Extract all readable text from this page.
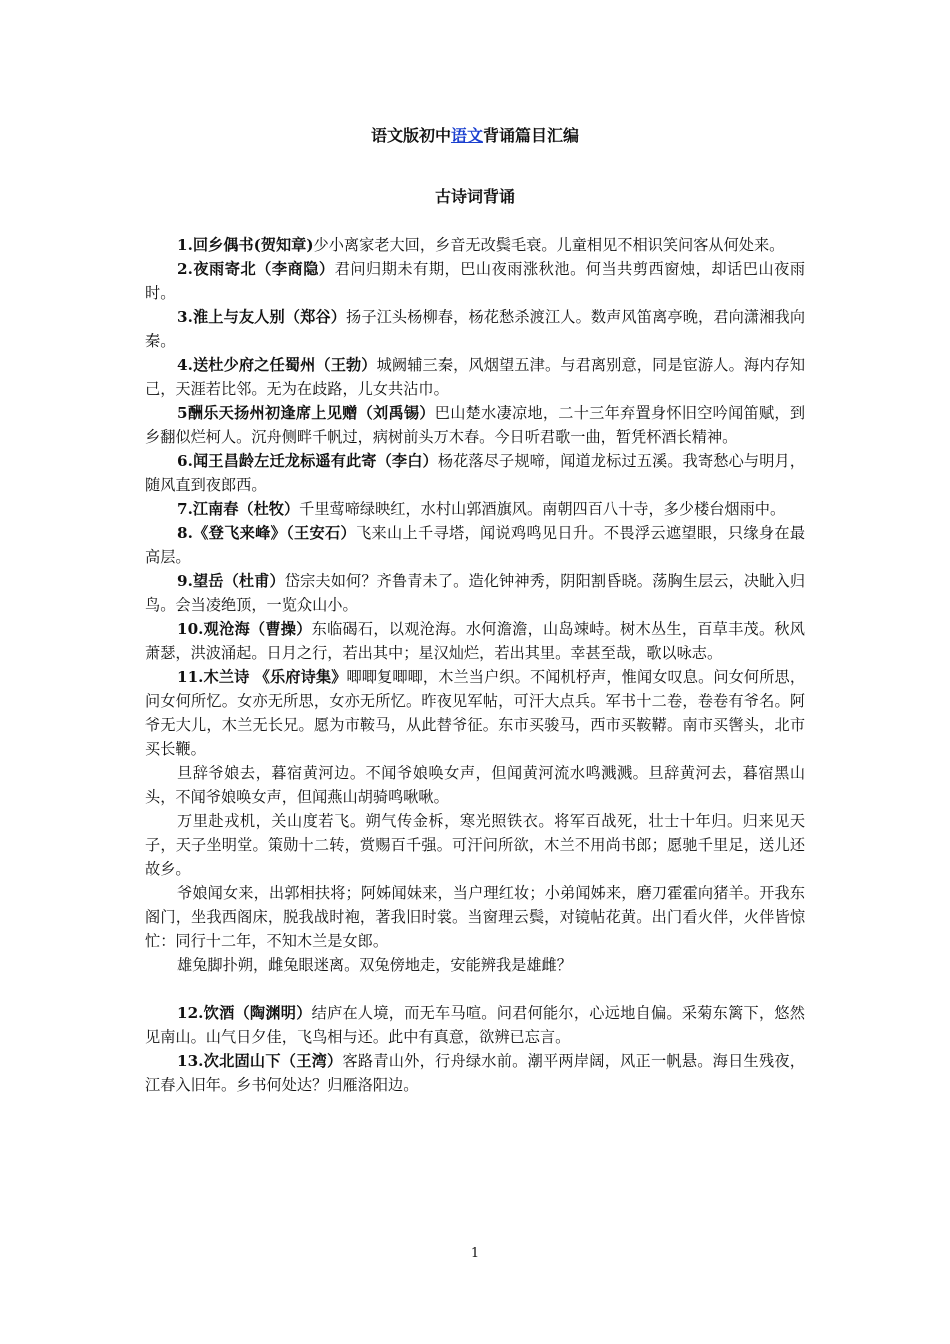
语文版初中语文背诵篇目汇编
古诗词背诵

1.回乡偶书(贺知章)少小离家老大回，乡音无改鬓毛衰。儿童相见不相识笑问客从何处来。

2.夜雨寄北（李商隐）君问归期未有期，巴山夜雨涨秋池。何当共剪西窗烛，却话巴山夜雨时。

3.淮上与友人别（郑谷）扬子江头杨柳春，杨花愁杀渡江人。数声风笛离亭晚，君向潇湘我向秦。

4.送杜少府之任蜀州（王勃）城阙辅三秦，风烟望五津。与君离别意，同是宦游人。海内存知己，天涯若比邻。无为在歧路，儿女共沾巾。

5酬乐天扬州初逢席上见赠（刘禹锡）巴山楚水凄凉地，二十三年弃置身怀旧空吟闻笛赋，到乡翻似烂柯人。沉舟侧畔千帆过，病树前头万木春。今日听君歌一曲，暂凭杯酒长精神。

6.闻王昌龄左迁龙标遥有此寄（李白）杨花落尽子规啼，闻道龙标过五溪。我寄愁心与明月，随风直到夜郎西。

7.江南春（杜牧）千里莺啼绿映红，水村山郭酒旗风。南朝四百八十寺，多少楼台烟雨中。

8.《登飞来峰》（王安石）飞来山上千寻塔，闻说鸡鸣见日升。不畏浮云遮望眼，只缘身在最高层。

9.望岳（杜甫）岱宗夫如何？齐鲁青未了。造化钟神秀，阴阳割昏晓。荡胸生层云，决眦入归鸟。会当凌绝顶，一览众山小。

10.观沧海（曹操）东临碣石，以观沧海。水何澹澹，山岛竦峙。树木丛生，百草丰茂。秋风萧瑟，洪波涌起。日月之行，若出其中；星汉灿烂，若出其里。幸甚至哉，歌以咏志。

11.木兰诗 《乐府诗集》唧唧复唧唧，木兰当户织。不闻机杼声，惟闻女叹息。问女何所思，问女何所忆。女亦无所思，女亦无所忆。昨夜见军帖，可汗大点兵。军书十二卷，卷卷有爷名。阿爷无大儿，木兰无长兄。愿为市鞍马，从此替爷征。东市买骏马，西市买鞍鞯。南市买辔头，北市买长鞭。

旦辞爷娘去，暮宿黄河边。不闻爷娘唤女声，但闻黄河流水鸣溅溅。旦辞黄河去，暮宿黑山头，不闻爷娘唤女声，但闻燕山胡骑鸣啾啾。

万里赴戎机，关山度若飞。朔气传金柝，寒光照铁衣。将军百战死，壮士十年归。归来见天子，天子坐明堂。策勋十二转，赏赐百千强。可汗问所欲，木兰不用尚书郎；愿驰千里足，送儿还故乡。

爷娘闻女来，出郭相扶将；阿姊闻妹来，当户理红妆；小弟闻姊来，磨刀霍霍向猪羊。开我东阁门，坐我西阁床，脱我战时袍，著我旧时裳。当窗理云鬓，对镜帖花黄。出门看火伴，火伴皆惊忙：同行十二年，不知木兰是女郎。

雄兔脚扑朔，雌兔眼迷离。双兔傍地走，安能辨我是雄雌？

12.饮酒（陶渊明）结庐在人境，而无车马喧。问君何能尔，心远地自偏。采菊东篱下，悠然见南山。山气日夕佳，飞鸟相与还。此中有真意，欲辨已忘言。

13.次北固山下（王湾）客路青山外，行舟绿水前。潮平两岸阔，风正一帆悬。海日生残夜，江春入旧年。乡书何处达？归雁洛阳边。

1
